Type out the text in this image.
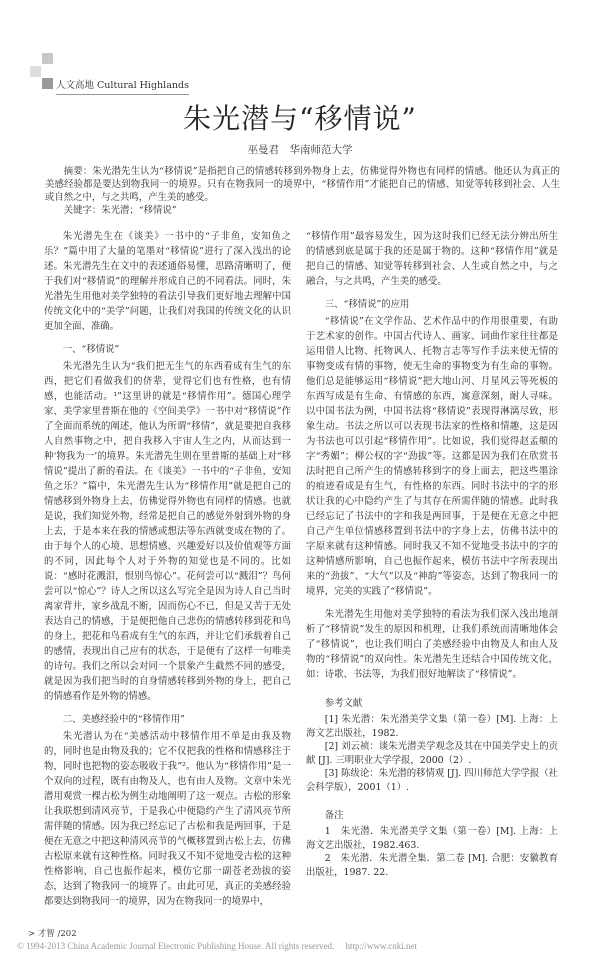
人文高地 Cultural Highlands
朱光潜与“移情说”
巫曼君　华南师范大学

摘要：朱光潜先生认为“移情说”是指把自己的情感转移到外物身上去，仿佛觉得外物也有同样的情感。他还认为真正的美感经验都是要达到物我同一的境界。只有在物我同一的境界中，“移情作用”才能把自己的情感、知觉等转移到社会、人生或自然之中，与之共鸣，产生美的感受。

关键字：朱光潜；“移情说”

朱光潜先生在《谈美》一书中的“子非鱼，安知鱼之乐？”篇中用了大量的笔墨对“移情说”进行了深入浅出的论述。朱光潜先生在文中的表述通俗易懂，思路清晰明了，便于我们对“移情说”的理解并形成自己的不同看法。同时，朱光潜先生用他对美学独特的看法引导我们更好地去理解中国传统文化中的“美学”问题，让我们对我国的传统文化的认识更加全面、准确。

一、“移情说”

朱光潜先生认为“我们把无生气的东西看成有生气的东西，把它们看做我们的侪辈，觉得它们也有性格，也有情感，也能活动。¹”这里讲的就是“移情作用”。德国心理学家、美学家里普斯在他的《空间美学》一书中对“移情说”作了全面而系统的阐述，他认为所谓“移情”，就是要把自我移人自然事物之中，把自我移入宇宙人生之内，从而达到一种‘物我为一’的境界。朱光潜先生则在里普斯的基础上对“移情说”提出了新的看法。在《谈美》一书中的“子非鱼，安知鱼之乐？”篇中，朱光潜先生认为“移情作用”就是把自己的情感移到外物身上去，仿佛觉得外物也有同样的情感。也就是说，我们知觉外物，经常是把自己的感觉外射到外物的身上去，于是本来在我的情感或想法等东西就变成在物的了。由于每个人的心境、思想情感、兴趣爱好以及价值观等方面的不同，因此每个人对于外物的知觉也是不同的。比如说：“感时花溅泪，恨别鸟惊心”。花何尝可以“溅泪”？鸟何尝可以“惊心”？诗人之所以这么写完全是因为诗人自己当时离家背井，家乡战乱不断，因而伤心不已，但是又苦于无处表达自己的情感，于是便把他自己悲伤的情感转移到花和鸟的身上，把花和鸟看成有生气的东西，并让它们承载着自己的感情，表现出自己应有的状态，于是便有了这样一句唯美的诗句。我们之所以会对同一个景象产生截然不同的感受，就是因为我们把当时的自身情感转移到外物的身上，把自己的情感看作是外物的情感。

二、美感经验中的“移情作用”

朱光潜认为在“美感活动中移情作用不单是由我及物的，同时也是由物及我的；它不仅把我的性格和情感移注于物，同时也把物的姿态吸收于我”²。他认为“移情作用”是一个双向的过程，既有由物及人，也有由人及物。文章中朱光潜用观赏一棵古松为例生动地阐明了这一观点。古松的形象让我联想到清风亮节，于是我心中便隐约产生了清风亮节所需伴随的情感。因为我已经忘记了古松和我是两回事，于是便在无意之中把这种清风亮节的气概移置到古松上去，仿佛古松原来就有这种性格。同时我又不知不觉地受古松的这种性格影响，自己也振作起来，模仿它那一副苍老劲拔的姿态，达到了物我同一的境界了。由此可见，真正的美感经验都要达到物我同一的境界，因为在物我同一的境界中，

“移情作用”最容易发生，因为这时我们已经无法分辨出所生的情感到底是属于我的还是属于物的。这种“移情作用”就是把自己的情感、知觉等转移到社会、人生或自然之中，与之融合，与之共鸣，产生美的感受。

三、“移情说”的应用

“移情说”在文学作品、艺术作品中的作用很重要，有助于艺术家的创作。中国古代诗人、画家、词曲作家往往都是运用借人比物、托物讽人、托物言志等写作手法来使无情的事物变成有情的事物，使无生命的事物变为有生命的事物。他们总是能够运用“移情说”把大地山河、月星风云等死板的东西写成是有生命、有情感的东西，寓意深刻，耐人寻味。以中国书法为例，中国书法将“移情说”表现得淋漓尽致，形象生动。书法之所以可以表现书法家的性格和情趣，这是因为书法也可以引起“移情作用”。比如说，我们觉得赵孟頫的字“秀媚”；柳公权的字“劲拔”等。这都是因为我们在欣赏书法时把自己所产生的情感转移到字的身上面去，把这些墨涂的痕迹看成是有生气，有性格的东西。同时书法中的字的形状让我的心中隐约产生了与其存在所需伴随的情感。此时我已经忘记了书法中的字和我是两回事，于是便在无意之中把自己产生单位情感移置到书法中的字身上去，仿佛书法中的字原来就有这种情感。同时我又不知不觉地受书法中的字的这种情感所影响，自己也振作起来，模仿书法中字所表现出来的“劲拔”、“大气”以及“神韵”等姿态，达到了物我同一的境界，完美的实践了“移情说”。

朱光潜先生用他对美学独特的看法为我们深入浅出地剖析了“移情说”发生的原因和机理，让我们系统而清晰地体会了“移情说”，也让我们明白了美感经验中由物及人和由人及物的“移情说”的双向性。朱光潜先生还结合中国传统文化，如：诗歌、书法等，为我们很好地解读了“移情说”。

参考文献

[1] 朱光潜：朱光潜美学文集（第一卷）[M]. 上海：上海文艺出版社，1982.

[2] 刘云祯：谈朱光潜美学观念及其在中国美学史上的贡献 [J]. 三明职业大学学报，2000（2）.

[3] 陈绂论：朱光潜的移情观 [J]. 四川师范大学学报（社会科学版），2001（1）.

备注

1　朱光潜．朱光潜美学文集（第一卷）[M]. 上海：上海文艺出版社，1982.463.

2　朱光潜．朱光潜全集．第二卷 [M]. 合肥：安徽教育出版社，1987. 22.

> 才智 /202
© 1994-2013 China Academic Journal Electronic Publishing House. All rights reserved.　 http://www.cnki.net
